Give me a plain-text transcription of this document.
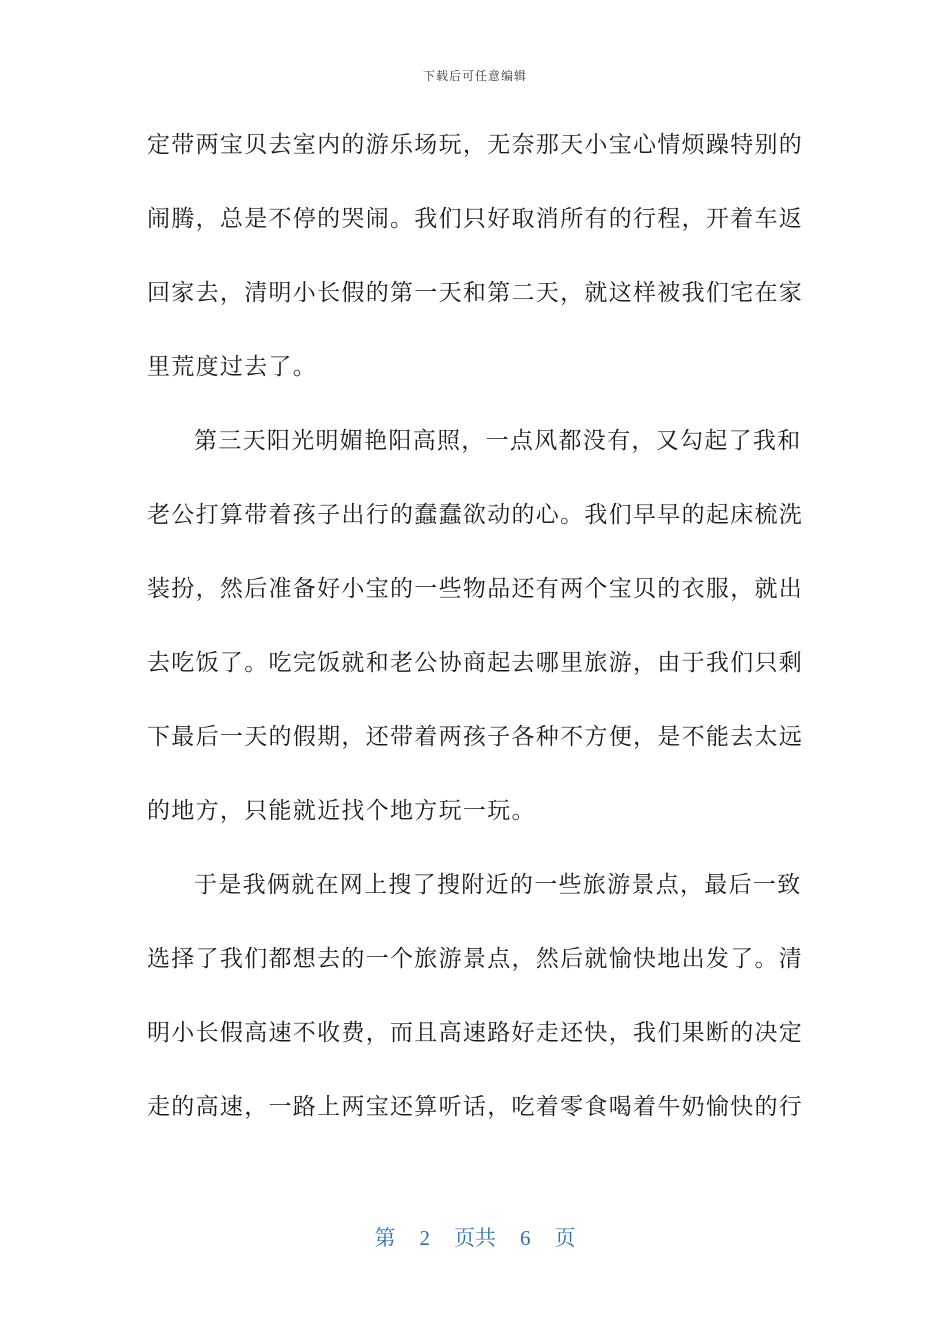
下载后可任意编辑
定带两宝贝去室内的游乐场玩，无奈那天小宝心情烦躁特别的
闹腾，总是不停的哭闹。我们只好取消所有的行程，开着车返
回家去，清明小长假的第一天和第二天，就这样被我们宅在家
里荒度过去了。
第三天阳光明媚艳阳高照，一点风都没有，又勾起了我和
老公打算带着孩子出行的蠢蠢欲动的心。我们早早的起床梳洗
装扮，然后准备好小宝的一些物品还有两个宝贝的衣服，就出
去吃饭了。吃完饭就和老公协商起去哪里旅游，由于我们只剩
下最后一天的假期，还带着两孩子各种不方便，是不能去太远
的地方，只能就近找个地方玩一玩。
于是我俩就在网上搜了搜附近的一些旅游景点，最后一致
选择了我们都想去的一个旅游景点，然后就愉快地出发了。清
明小长假高速不收费，而且高速路好走还快，我们果断的决定
走的高速，一路上两宝还算听话，吃着零食喝着牛奶愉快的行
第 2 页共 6 页
